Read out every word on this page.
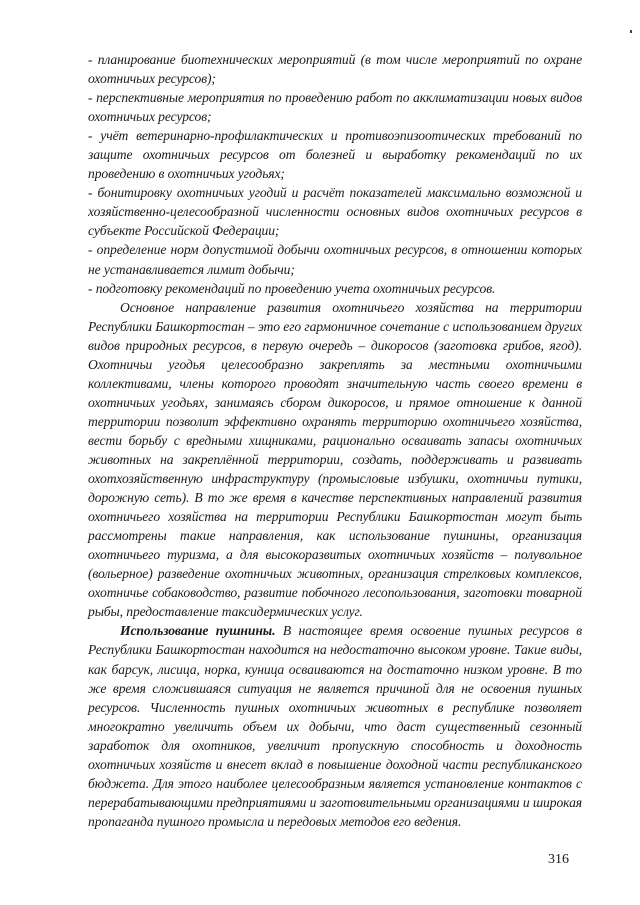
- планирование биотехнических мероприятий (в том числе мероприятий по охране охотничьих ресурсов);

- перспективные мероприятия по проведению работ по акклиматизации новых видов охотничьих ресурсов;

- учёт ветеринарно-профилактических и противоэпизоотических требований по защите охотничьих ресурсов от болезней и выработку рекомендаций по их проведению в охотничьих угодьях;

- бонитировку охотничьих угодий и расчёт показателей максимально возможной и хозяйственно-целесообразной численности основных видов охотничьих ресурсов в субъекте Российской Федерации;

- определение норм допустимой добычи охотничьих ресурсов, в отношении которых не устанавливается лимит добычи;

- подготовку рекомендаций по проведению учета охотничьих ресурсов.

Основное направление развития охотничьего хозяйства на территории Республики Башкортостан – это его гармоничное сочетание с использованием других видов природных ресурсов, в первую очередь – дикоросов (заготовка грибов, ягод). Охотничьи угодья целесообразно закреплять за местными охотничьими коллективами, члены которого проводят значительную часть своего времени в охотничьих угодьях, занимаясь сбором дикоросов, и прямое отношение к данной территории позволит эффективно охранять территорию охотничьего хозяйства, вести борьбу с вредными хищниками, рационально осваивать запасы охотничьих животных на закреплённой территории, создать, поддерживать и развивать охотхозяйственную инфраструктуру (промысловые избушки, охотничьи путики, дорожную сеть). В то же время в качестве перспективных направлений развития охотничьего хозяйства на территории Республики Башкортостан могут быть рассмотрены такие направления, как использование пушнины, организация охотничьего туризма, а для высокоразвитых охотничьих хозяйств – полувольное (вольерное) разведение охотничьих животных, организация стрелковых комплексов, охотничье собаководство, развитие побочного лесопользования, заготовки товарной рыбы, предоставление таксидермических услуг.

Использование пушнины. В настоящее время освоение пушных ресурсов в Республики Башкортостан находится на недостаточно высоком уровне. Такие виды, как барсук, лисица, норка, куница осваиваются на достаточно низком уровне. В то же время сложившаяся ситуация не является причиной для не освоения пушных ресурсов. Численность пушных охотничьих животных в республике позволяет многократно увеличить объем их добычи, что даст существенный сезонный заработок для охотников, увеличит пропускную способность и доходность охотничьих хозяйств и внесет вклад в повышение доходной части республиканского бюджета. Для этого наиболее целесообразным является установление контактов с перерабатывающими предприятиями и заготовительными организациями и широкая пропаганда пушного промысла и передовых методов его ведения.

316
